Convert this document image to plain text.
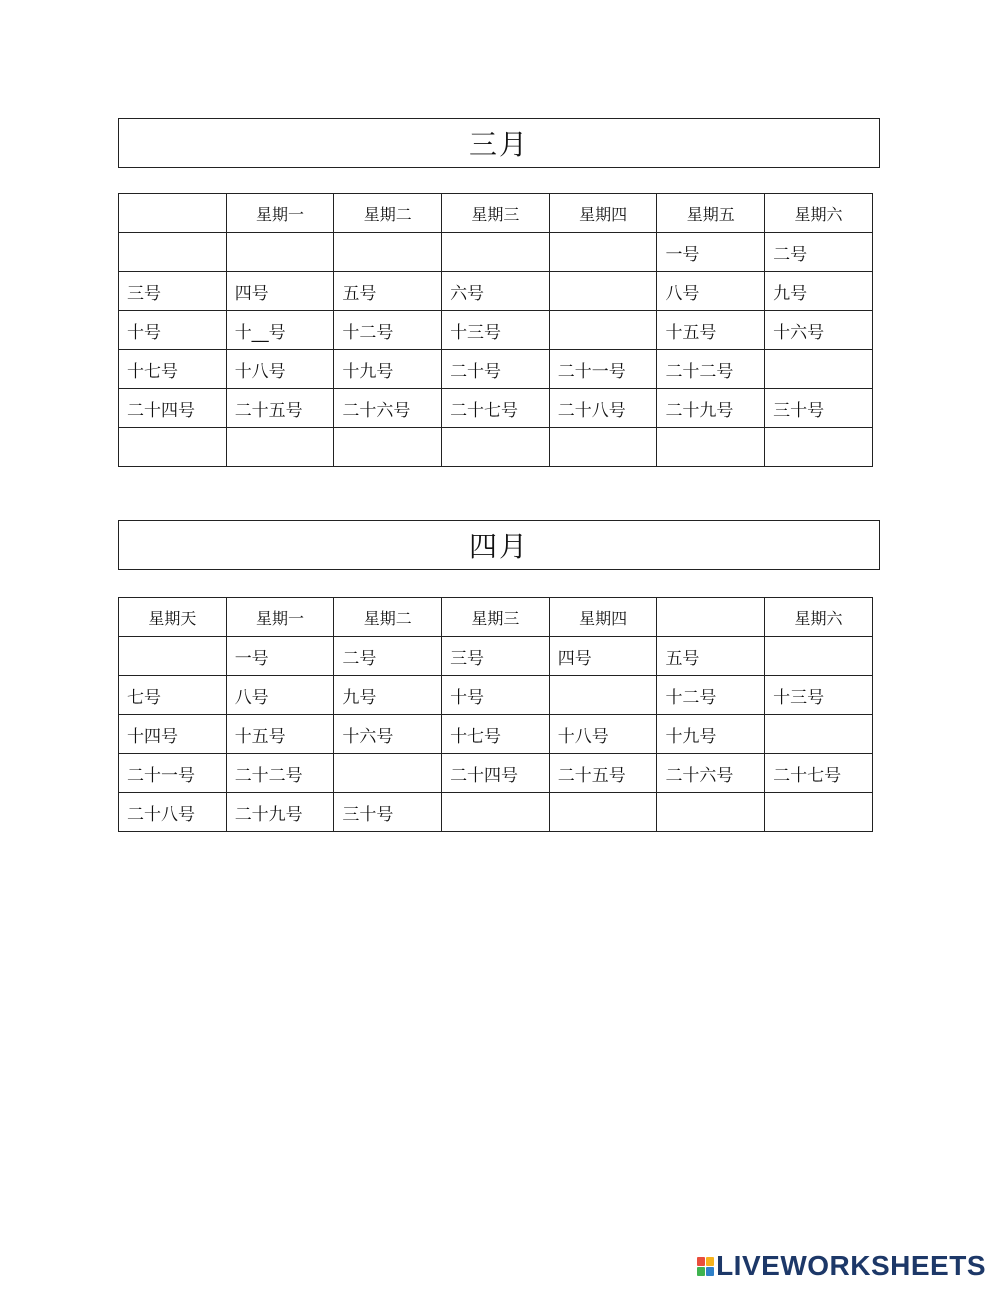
三月
	星期一	星期二	星期三	星期四	星期五	星期六
					一号	二号
三号	四号	五号	六号		八号	九号
十号	十__号	十二号	十三号		十五号	十六号
十七号	十八号	十九号	二十号	二十一号	二十二号	
二十四号	二十五号	二十六号	二十七号	二十八号	二十九号	三十号

四月
星期天	星期一	星期二	星期三	星期四		星期六
	一号	二号	三号	四号	五号	
七号	八号	九号	十号		十二号	十三号
十四号	十五号	十六号	十七号	十八号	十九号	
二十一号	二十二号		二十四号	二十五号	二十六号	二十七号
二十八号	二十九号	三十号				
LIVEWORKSHEETS
